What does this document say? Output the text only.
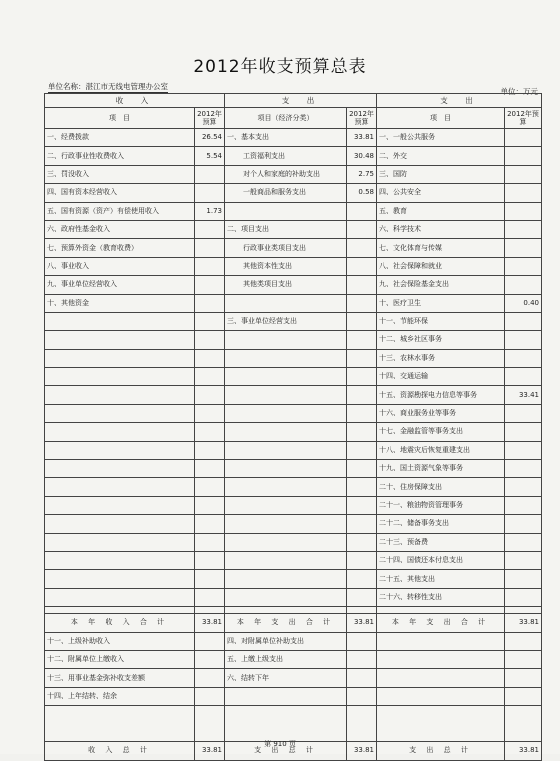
2012年收支预算总表
单位名称：湛江市无线电管理办公室
单位：万元
收　入		支　出		支　出	
项　目	2012年预算	项目（经济分类）	2012年预算	项　目	2012年预算
一、经费拨款	26.54	一、基本支出	33.81	一、一般公共服务	
二、行政事业性收费收入	5.54	工资福利支出	30.48	二、外交	
三、罚没收入		对个人和家庭的补助支出	2.75	三、国防	
四、国有资本经营收入		一般商品和服务支出	0.58	四、公共安全	
五、国有资源（资产）有偿使用收入	1.73			五、教育	
六、政府性基金收入		二、项目支出		六、科学技术	
七、预算外资金（教育收费）		行政事业类项目支出		七、文化体育与传媒	
八、事业收入		其他资本性支出		八、社会保障和就业	
九、事业单位经营收入		其他类项目支出		九、社会保险基金支出	
十、其他资金				十、医疗卫生	0.40
		三、事业单位经营支出		十一、节能环保	
				十二、城乡社区事务	
				十三、农林水事务	
				十四、交通运输	
				十五、资源勘探电力信息等事务	33.41
				十六、商业服务业等事务	
				十七、金融监管等事务支出	
				十八、地震灾后恢复重建支出	
				十九、国土资源气象等事务	
				二十、住房保障支出	
				二十一、粮油物资管理事务	
				二十二、储备事务支出	
				二十三、预备费	
				二十四、国债还本付息支出	
				二十五、其他支出	
				二十六、转移性支出	

本 年 收 入 合 计	33.81	本 年 支 出 合 计	33.81	本 年 支 出 合 计	33.81
十一、上级补助收入		四、对附属单位补助支出			
十二、附属单位上缴收入		五、上缴上级支出			
十三、用事业基金弥补收支差额		六、结转下年			
十四、上年结转、结余					

收 入 总 计	33.81	支 出 总 计	33.81	支 出 总 计	33.81
第 910 页
